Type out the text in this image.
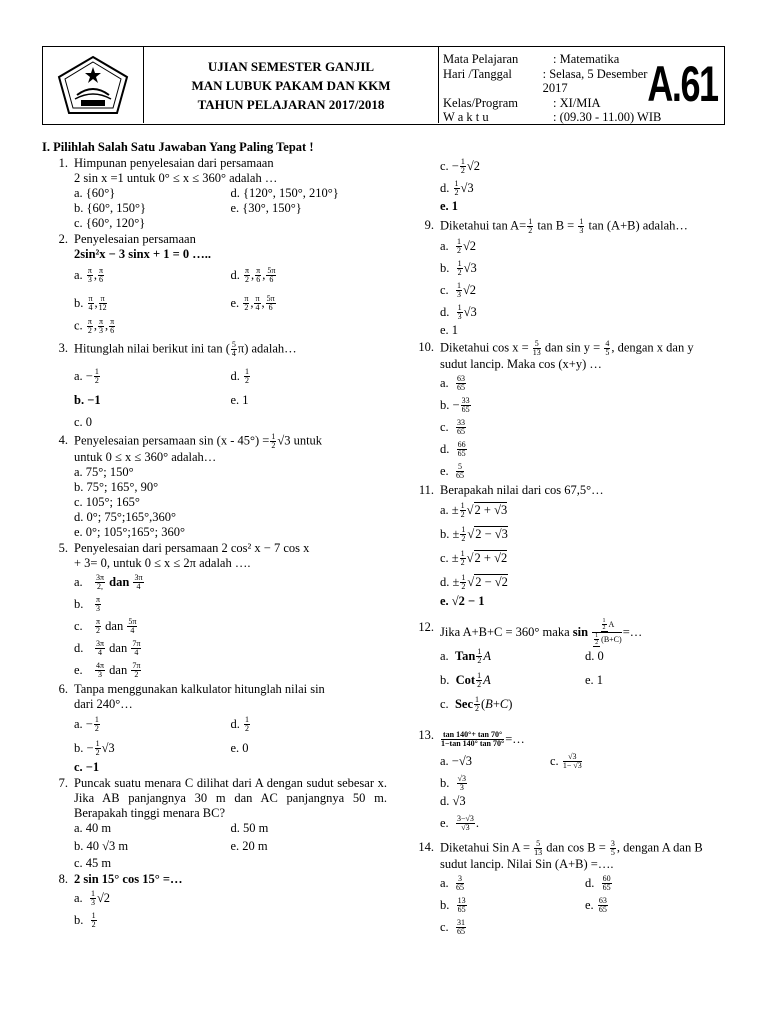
UJIAN SEMESTER GANJIL
MAN LUBUK PAKAM DAN KKM
TAHUN PELAJARAN 2017/2018
Mata Pelajaran	: Matematika
Hari /Tanggal	: Selasa, 5 Desember 2017
Kelas/Program	: XI/MIA
W a k t u	: (09.30 - 11.00) WIB
A.61
I. Pilihlah Salah Satu Jawaban Yang Paling Tepat !
1. Himpunan penyelesaian dari persamaan
2 sin x =1 untuk 0° ≤ x ≤ 360° adalah …
a. {60°}	d. {120°, 150°, 210°}
b. {60°, 150°}	e. {30°, 150°}
c. {60°, 120°}
2. Penyelesaian persamaan
2sin²x − 3 sinx + 1 = 0 …..
a.
$\frac{\pi}{3}$ , $\frac{\pi}{6}$	d.
$\frac{\pi}{2}$ , $\frac{\pi}{6}$ , $\frac{5\pi}{6}$
b.
$\frac{\pi}{4}$ , $\frac{\pi}{12}$	e.
$\frac{\pi}{2}$ , $\frac{\pi}{4}$ , $\frac{5\pi}{6}$
c. $\frac{\pi}{2}$ , $\frac{\pi}{3}$ , $\frac{\pi}{6}$
3. Hitunglah nilai berikut ini tan ( $\frac{5}{4} \pi$) adalah…
a. − $\frac{1}{2}$	d.
$\frac{1}{2}$
b. −1	e. 1
c. 0
4. Penyelesaian persamaan $\sin (x - 45^\circ) = \frac{1}{2} √3$ untuk
untuk 0 ≤ x ≤ 360° adalah…
a. 75°; 150°
b. 75°; 165°, 90°
c. 105°; 165°
d. 0°; 75°;165°,360°
e. 0°; 105°;165°; 360°
5. Penyelesaian dari persamaan 2 cos² x − 7 cos x
+ 3= 0, untuk 0 ≤ x ≤ 2π adalah ….
a.	$\frac{3\pi}{2,}$
dan
$\frac{3\pi}{4}$
b.	$\frac{\pi}{3}$
c.	$\frac{\pi}{2}$
dan
$\frac{5\pi}{4}$
d.	$\frac{3\pi}{4}$
dan
$\frac{7\pi}{4}$
e.	$\frac{4\pi}{3}$
dan
$\frac{7\pi}{2}$
6. Tanpa menggunakan kalkulator hitunglah nilai sin
dari 240°…
a. − $\frac{1}{2}$	d.
$\frac{1}{2}$
b. − $\frac{1}{2} √3$	e. 0
c. −1
7. Puncak suatu menara C dilihat dari A dengan sudut sebesar x. Jika AB panjangnya 30 m dan AC panjangnya 50 m. Berapakah tinggi menara BC?
a. 40 m	d. 50 m
b. 40 √3 m	e. 20 m
c. 45 m
8. 2 sin 15° cos 15° =…
a.
$\frac{1}{3} √2$
b.
$\frac{1}{2}$
c. − $\frac{1}{2} √2$
d.
$\frac{1}{2} √3$
e. 1
9. Diketahui $\tan A= \frac{1}{2}$ $\tan B = \frac{1}{3}$ tan (A+B) adalah…
a.
$\frac{1}{2} √2$
b.
$\frac{1}{2} √3$
c.
$\frac{1}{3} √2$
d.
$\frac{1}{3} √3$
e. 1
10. Diketahui $\cos x = \frac{5}{13}$ dan $\sin y = \frac{4}{5}$ , dengan x dan y
sudut lancip. Maka cos (x+y) …
a.
$\frac{63}{65}$
b. − $\frac{33}{65}$
c.
$\frac{33}{65}$
d.
$\frac{66}{65}$
e.
$\frac{5}{65}$
11. Berapakah nilai dari cos 67,5°…
a. ± $\frac{1}{2}$ √ 2 + √3
b. ± $\frac{1}{2}$ √ 2 − √3
c. ± $\frac{1}{2}$ √ 2 + √2
d. ± $\frac{1}{2}$ √ 2 − √2
e. √2 − 1
12. Jika A+B+C = 360° maka
sin
$\frac{\frac{1}{2} A}{\frac{1}{2} (B+C)}$ =…
a.
Tan $\frac{1}{2}$ A	d. 0
b.
Cot $\frac{1}{2}$ A	e. 1
c.
Sec $\frac{1}{2}$ ( B + C )
13. $\frac{\tan 140^\circ+ \tan 70^\circ}{1-\tan 140^\circ \tan 70^\circ}$ =…
a. −√3	c.
$\frac{√3}{1- √3}$
b.
$\frac{√3}{3}$
d. √3
e.
$\frac{3-√3}{√3}$ .
14. Diketahui Sin $A = \frac{5}{13}$ dan $\cos B = \frac{3}{5}$ , dengan A dan B
sudut lancip. Nilai Sin (A+B) =….
a.
$\frac{3}{65}$	d.
$\frac{60}{65}$
b.
$\frac{13}{65}$	e.
$\frac{63}{65}$
c.
$\frac{31}{65}$
